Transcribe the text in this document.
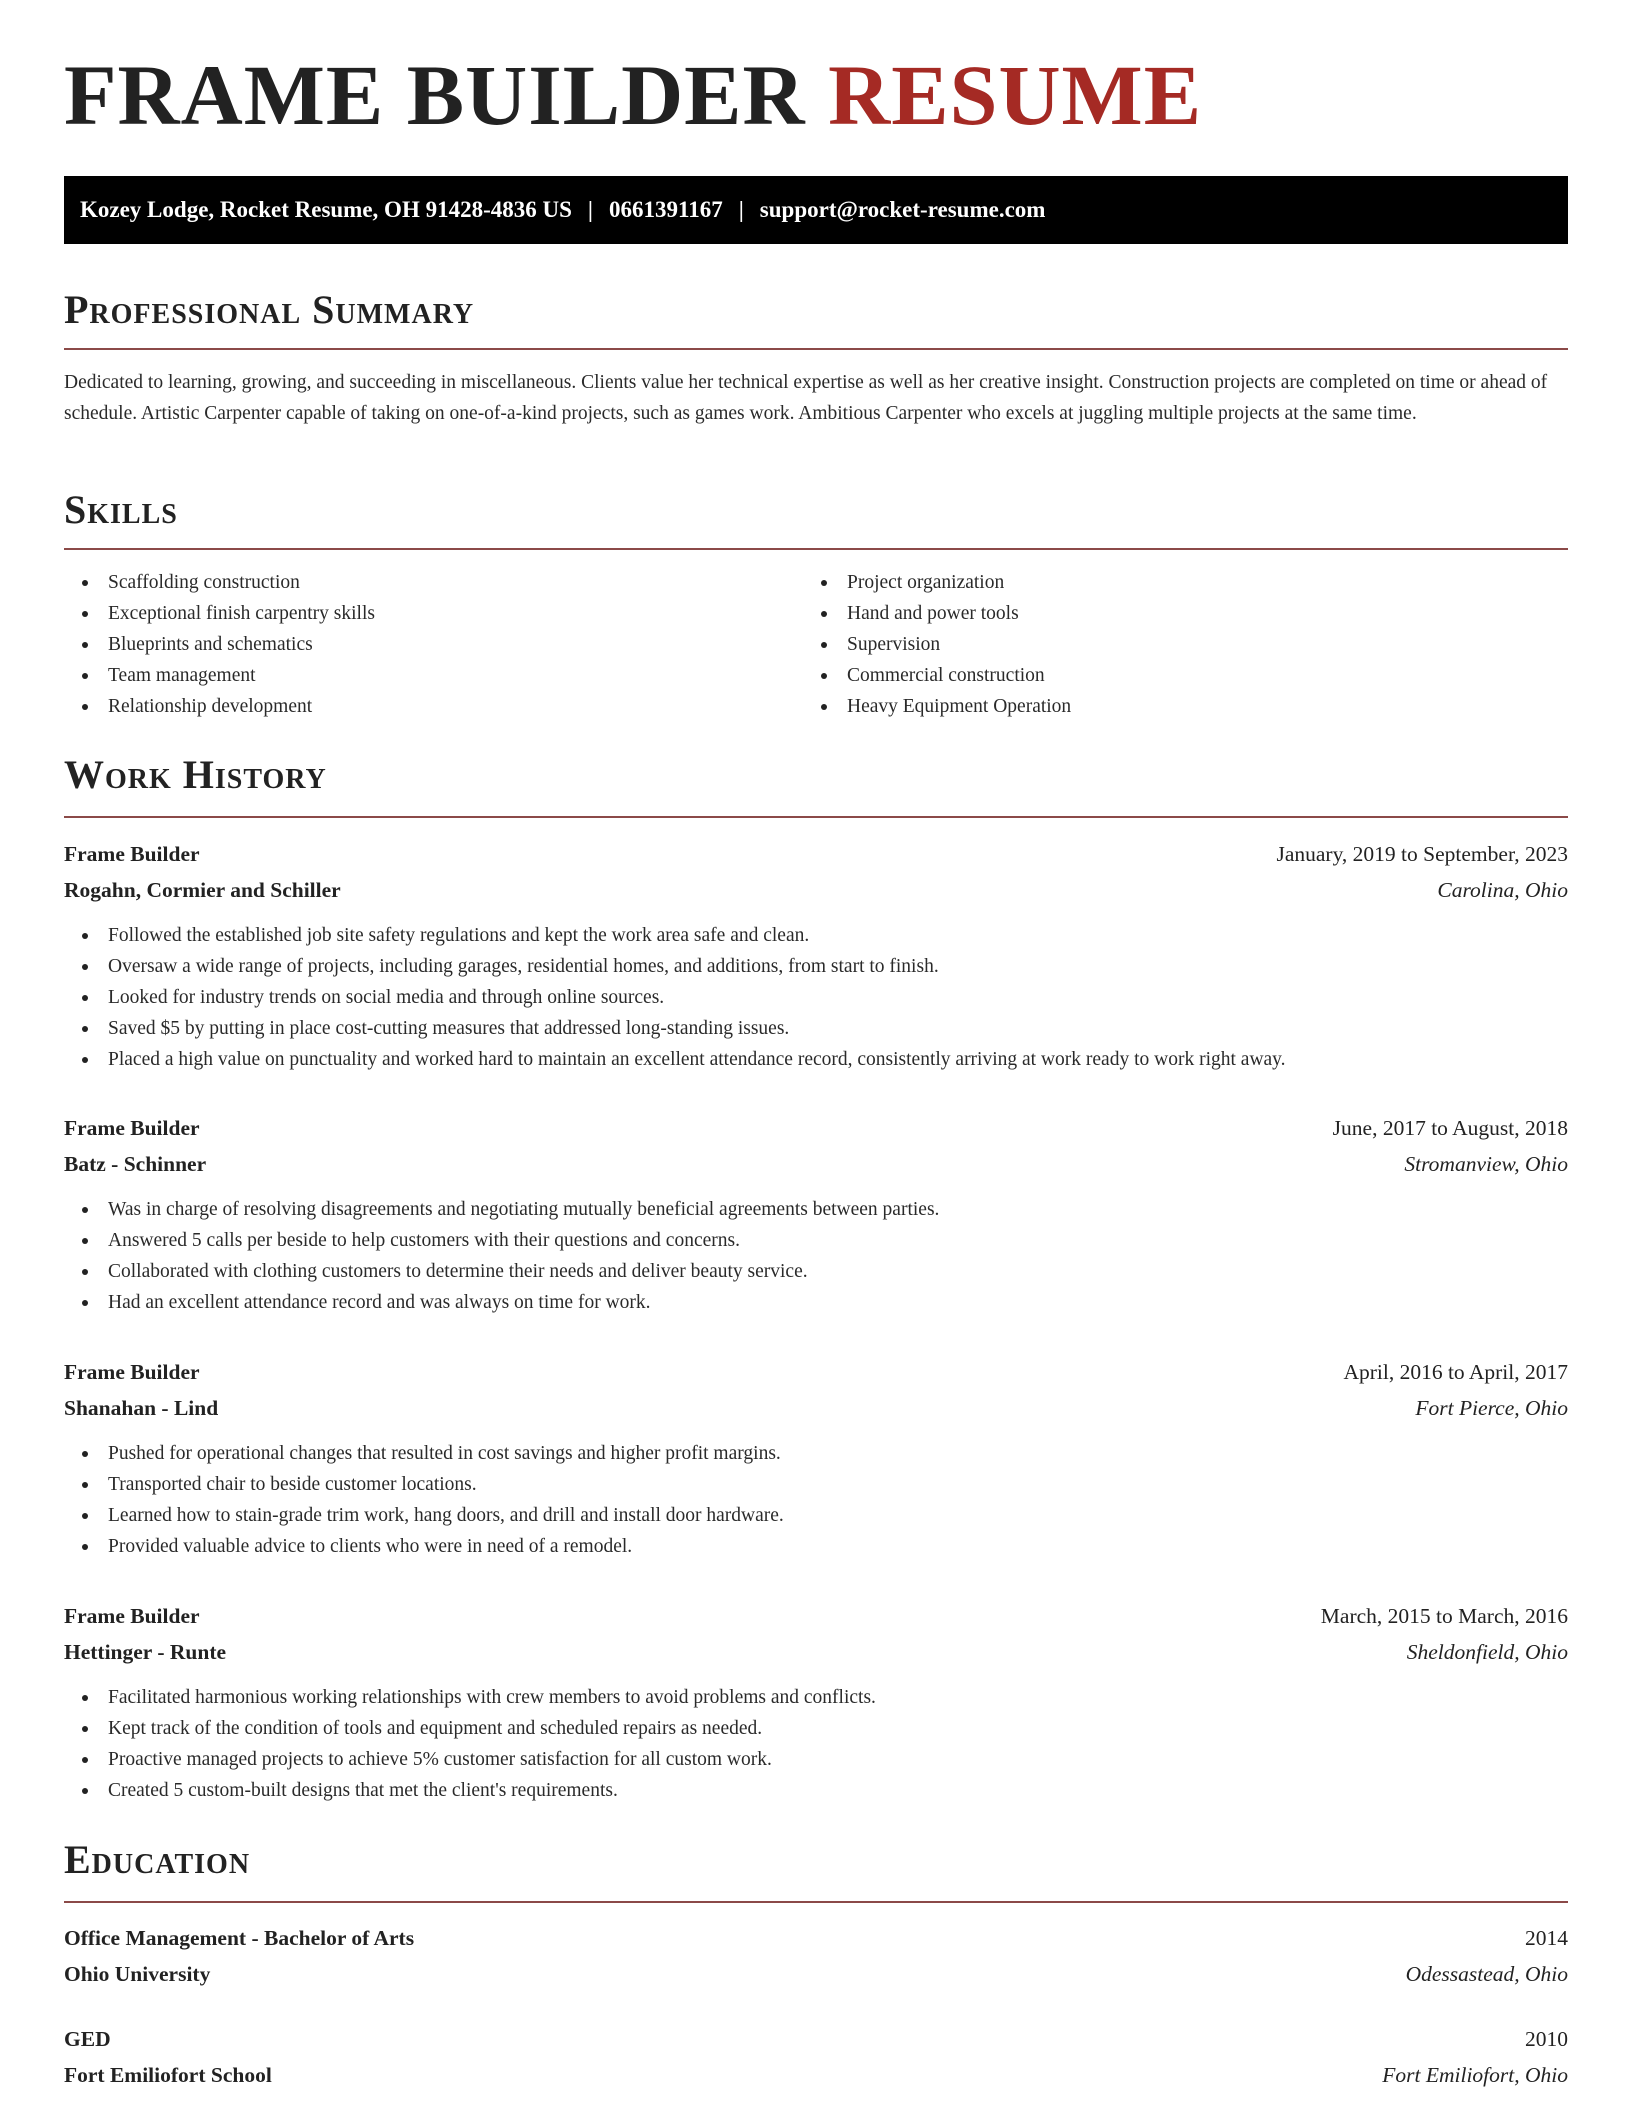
FRAME BUILDER RESUME
Kozey Lodge, Rocket Resume, OH 91428-4836 US | 0661391167 | support@rocket-resume.com
Professional Summary

Dedicated to learning, growing, and succeeding in miscellaneous. Clients value her technical expertise as well as her creative insight. Construction projects are completed on time or ahead of schedule. Artistic Carpenter capable of taking on one-of-a-kind projects, such as games work. Ambitious Carpenter who excels at juggling multiple projects at the same time.

Skills
Scaffolding construction
Exceptional finish carpentry skills
Blueprints and schematics
Team management
Relationship development
Project organization
Hand and power tools
Supervision
Commercial construction
Heavy Equipment Operation
Work History
Frame Builder	January, 2019 to September, 2023
Rogahn, Cormier and Schiller	Carolina, Ohio
Followed the established job site safety regulations and kept the work area safe and clean.
Oversaw a wide range of projects, including garages, residential homes, and additions, from start to finish.
Looked for industry trends on social media and through online sources.
Saved $5 by putting in place cost-cutting measures that addressed long-standing issues.
Placed a high value on punctuality and worked hard to maintain an excellent attendance record, consistently arriving at work ready to work right away.
Frame Builder	June, 2017 to August, 2018
Batz - Schinner	Stromanview, Ohio
Was in charge of resolving disagreements and negotiating mutually beneficial agreements between parties.
Answered 5 calls per beside to help customers with their questions and concerns.
Collaborated with clothing customers to determine their needs and deliver beauty service.
Had an excellent attendance record and was always on time for work.
Frame Builder	April, 2016 to April, 2017
Shanahan - Lind	Fort Pierce, Ohio
Pushed for operational changes that resulted in cost savings and higher profit margins.
Transported chair to beside customer locations.
Learned how to stain-grade trim work, hang doors, and drill and install door hardware.
Provided valuable advice to clients who were in need of a remodel.
Frame Builder	March, 2015 to March, 2016
Hettinger - Runte	Sheldonfield, Ohio
Facilitated harmonious working relationships with crew members to avoid problems and conflicts.
Kept track of the condition of tools and equipment and scheduled repairs as needed.
Proactive managed projects to achieve 5% customer satisfaction for all custom work.
Created 5 custom-built designs that met the client's requirements.
Education
Office Management - Bachelor of Arts	2014
Ohio University	Odessastead, Ohio
GED	2010
Fort Emiliofort School	Fort Emiliofort, Ohio
